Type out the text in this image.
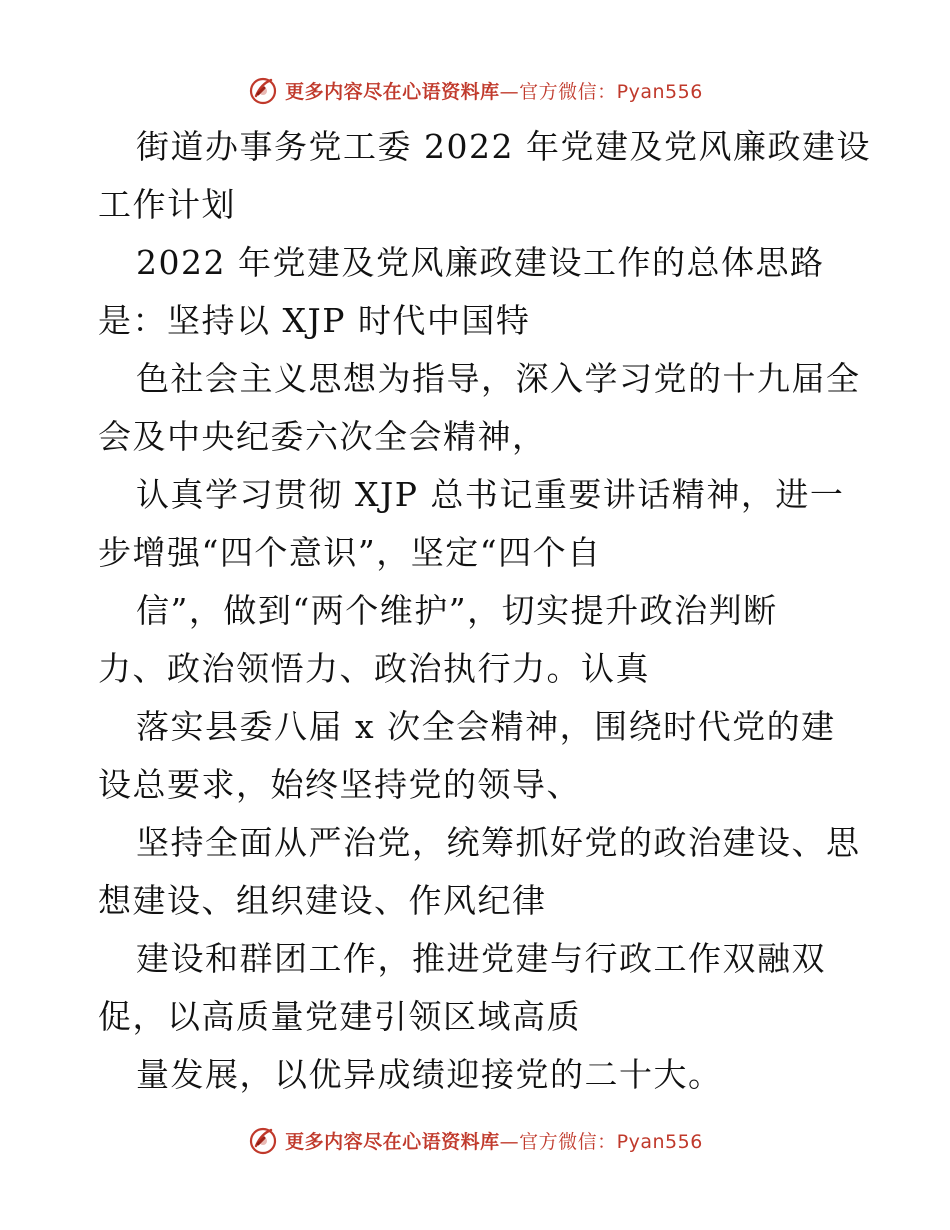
更多内容尽在心语资料库—官方微信：Pyan556
街道办事务党工委 2022 年党建及党风廉政建设
工作计划
2022 年党建及党风廉政建设工作的总体思路
是：坚持以 XJP 时代中国特
色社会主义思想为指导，深入学习党的十九届全
会及中央纪委六次全会精神，
认真学习贯彻 XJP 总书记重要讲话精神，进一
步增强“四个意识”，坚定“四个自
信”，做到“两个维护”，切实提升政治判断
力、政治领悟力、政治执行力。认真
落实县委八届 x 次全会精神，围绕时代党的建
设总要求，始终坚持党的领导、
坚持全面从严治党，统筹抓好党的政治建设、思
想建设、组织建设、作风纪律
建设和群团工作，推进党建与行政工作双融双
促，以高质量党建引领区域高质
量发展，以优异成绩迎接党的二十大。
更多内容尽在心语资料库—官方微信：Pyan556
